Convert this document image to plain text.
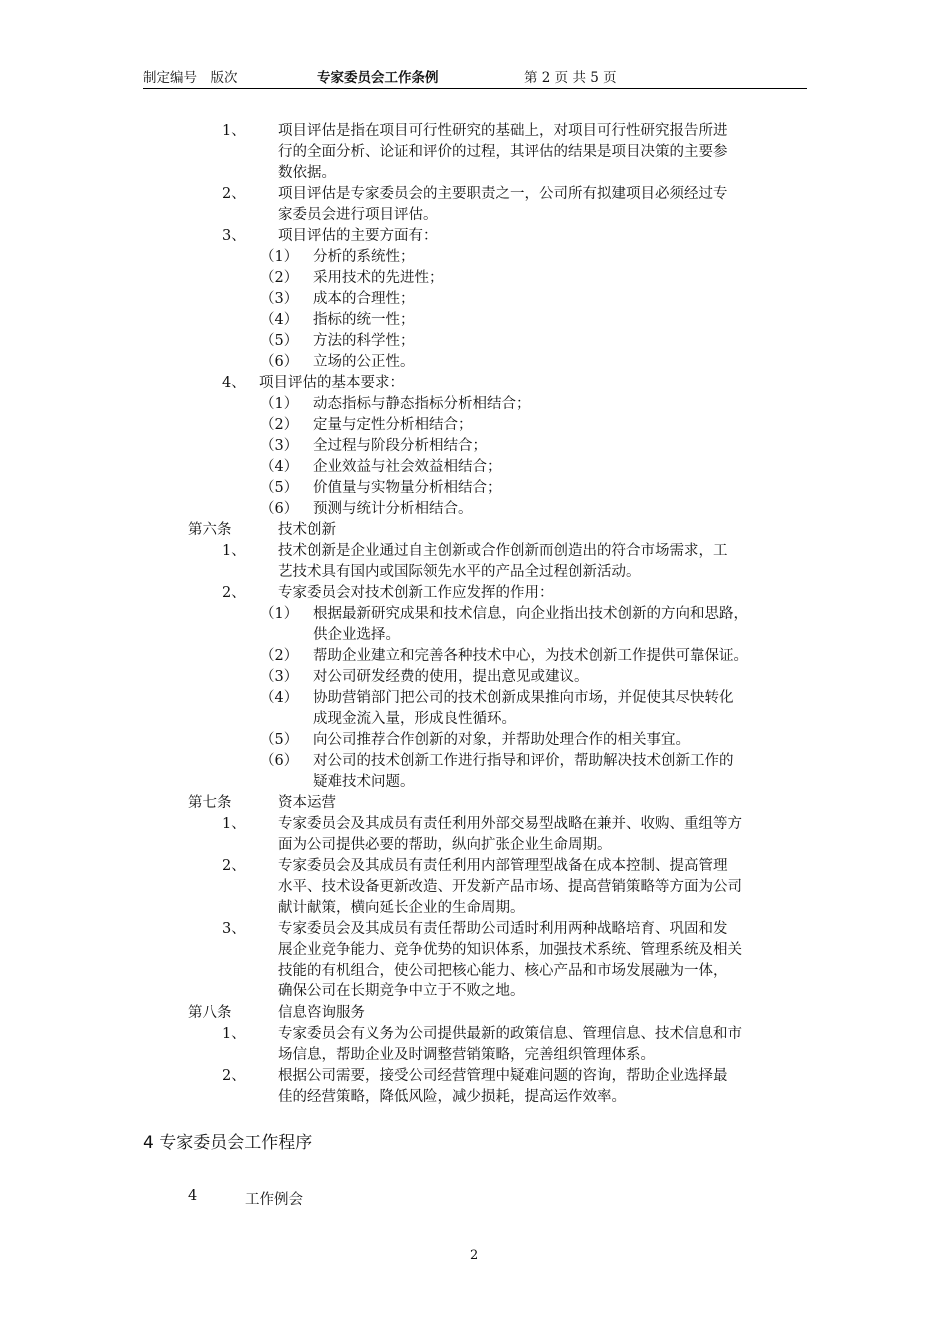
制定编号　版次	专家委员会工作条例	第 2 页 共 5 页
1、 项目评估是指在项目可行性研究的基础上，对项目可行性研究报告所进
行的全面分析、论证和评价的过程，其评估的结果是项目决策的主要参
数依据。
2、 项目评估是专家委员会的主要职责之一，公司所有拟建项目必须经过专
家委员会进行项目评估。
3、 项目评估的主要方面有：
（1） 分析的系统性；
（2） 采用技术的先进性；
（3） 成本的合理性；
（4） 指标的统一性；
（5） 方法的科学性；
（6） 立场的公正性。
4、 项目评估的基本要求：
（1） 动态指标与静态指标分析相结合；
（2） 定量与定性分析相结合；
（3） 全过程与阶段分析相结合；
（4） 企业效益与社会效益相结合；
（5） 价值量与实物量分析相结合；
（6） 预测与统计分析相结合。
第六条	技术创新
1、 技术创新是企业通过自主创新或合作创新而创造出的符合市场需求，工
艺技术具有国内或国际领先水平的产品全过程创新活动。
2、 专家委员会对技术创新工作应发挥的作用：
（1） 根据最新研究成果和技术信息，向企业指出技术创新的方向和思路，
供企业选择。
（2） 帮助企业建立和完善各种技术中心，为技术创新工作提供可靠保证。
（3） 对公司研发经费的使用，提出意见或建议。
（4） 协助营销部门把公司的技术创新成果推向市场，并促使其尽快转化
成现金流入量，形成良性循环。
（5） 向公司推荐合作创新的对象，并帮助处理合作的相关事宜。
（6） 对公司的技术创新工作进行指导和评价，帮助解决技术创新工作的
疑难技术问题。
第七条	资本运营
1、 专家委员会及其成员有责任利用外部交易型战略在兼并、收购、重组等方
面为公司提供必要的帮助，纵向扩张企业生命周期。
2、 专家委员会及其成员有责任利用内部管理型战备在成本控制、提高管理
水平、技术设备更新改造、开发新产品市场、提高营销策略等方面为公司
献计献策，横向延长企业的生命周期。
3、 专家委员会及其成员有责任帮助公司适时利用两种战略培育、巩固和发
展企业竞争能力、竞争优势的知识体系，加强技术系统、管理系统及相关
技能的有机组合，使公司把核心能力、核心产品和市场发展融为一体，
确保公司在长期竞争中立于不败之地。
第八条	信息咨询服务
1、 专家委员会有义务为公司提供最新的政策信息、管理信息、技术信息和市
场信息，帮助企业及时调整营销策略，完善组织管理体系。
2、 根据公司需要，接受公司经营管理中疑难问题的咨询，帮助企业选择最
佳的经营策略，降低风险，减少损耗，提高运作效率。
4 专家委员会工作程序
4	工作例会
2
